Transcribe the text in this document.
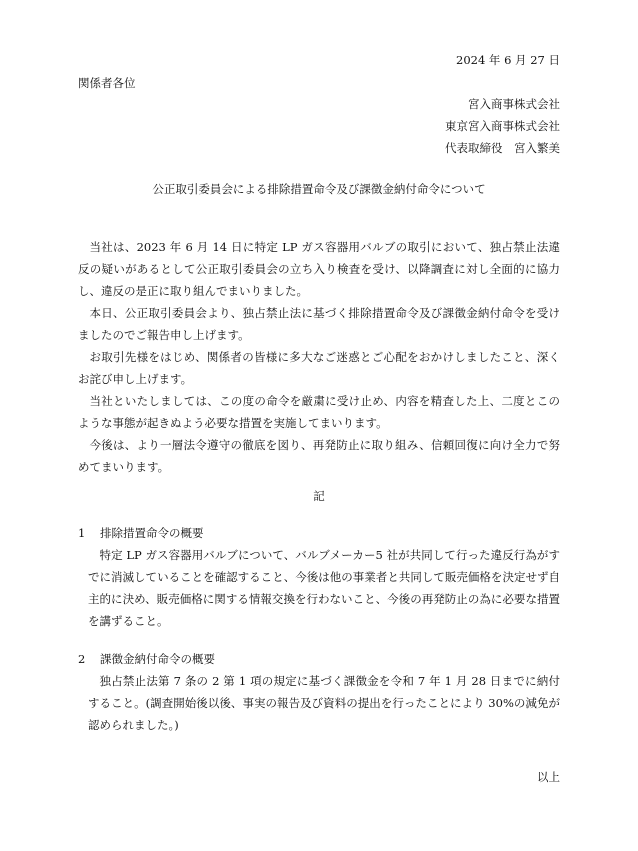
2024 年 6 月 27 日
関係者各位
宮入商事株式会社
東京宮入商事株式会社
代表取締役　宮入繁美
公正取引委員会による排除措置命令及び課徴金納付命令について

当社は、2023 年 6 月 14 日に特定 LP ガス容器用バルブの取引において、独占禁止法違反の疑いがあるとして公正取引委員会の立ち入り検査を受け、以降調査に対し全面的に協力し、違反の是正に取り組んでまいりました。

本日、公正取引委員会より、独占禁止法に基づく排除措置命令及び課徴金納付命令を受けましたのでご報告申し上げます。

お取引先様をはじめ、関係者の皆様に多大なご迷惑とご心配をおかけしましたこと、深くお詫び申し上げます。

当社といたしましては、この度の命令を厳粛に受け止め、内容を精査した上、二度とこのような事態が起きぬよう必要な措置を実施してまいります。

今後は、より一層法令遵守の徹底を図り、再発防止に取り組み、信頼回復に向け全力で努めてまいります。

記
1 排除措置命令の概要

特定 LP ガス容器用バルブについて、バルブメーカー5 社が共同して行った違反行為がすでに消滅していることを確認すること、今後は他の事業者と共同して販売価格を決定せず自主的に決め、販売価格に関する情報交換を行わないこと、今後の再発防止の為に必要な措置を講ずること。

2 課徴金納付命令の概要

独占禁止法第 7 条の 2 第 1 項の規定に基づく課徴金を令和 7 年 1 月 28 日までに納付すること。(調査開始後以後、事実の報告及び資料の提出を行ったことにより 30%の減免が認められました。)

以上
